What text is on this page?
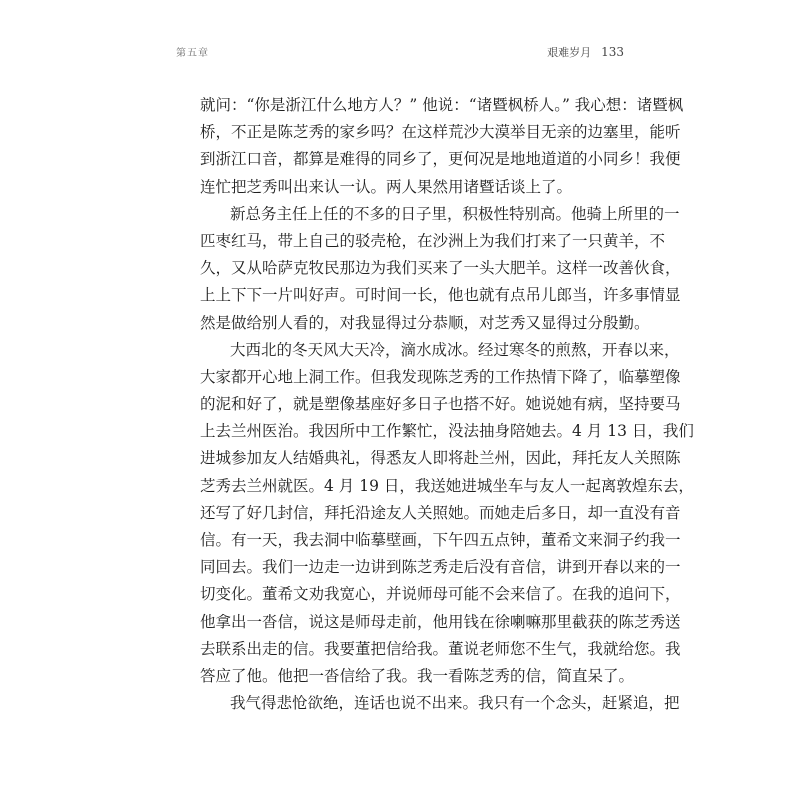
第五章	艰难岁月 133
就问：“你是浙江什么地方人？” 他说：“诸暨枫桥人。” 我心想：诸暨枫
桥，不正是陈芝秀的家乡吗？在这样荒沙大漠举目无亲的边塞里，能听
到浙江口音，都算是难得的同乡了，更何况是地地道道的小同乡！我便
连忙把芝秀叫出来认一认。两人果然用诸暨话谈上了。
新总务主任上任的不多的日子里，积极性特别高。他骑上所里的一
匹枣红马，带上自己的驳壳枪，在沙洲上为我们打来了一只黄羊，不
久，又从哈萨克牧民那边为我们买来了一头大肥羊。这样一改善伙食，
上上下下一片叫好声。可时间一长，他也就有点吊儿郎当，许多事情显
然是做给别人看的，对我显得过分恭顺，对芝秀又显得过分殷勤。
大西北的冬天风大天冷，滴水成冰。经过寒冬的煎熬，开春以来，
大家都开心地上洞工作。但我发现陈芝秀的工作热情下降了，临摹塑像
的泥和好了，就是塑像基座好多日子也搭不好。她说她有病，坚持要马
上去兰州医治。我因所中工作繁忙，没法抽身陪她去。4 月 13 日，我们
进城参加友人结婚典礼，得悉友人即将赴兰州，因此，拜托友人关照陈
芝秀去兰州就医。4 月 19 日，我送她进城坐车与友人一起离敦煌东去，
还写了好几封信，拜托沿途友人关照她。而她走后多日，却一直没有音
信。有一天，我去洞中临摹壁画，下午四五点钟，董希文来洞子约我一
同回去。我们一边走一边讲到陈芝秀走后没有音信，讲到开春以来的一
切变化。董希文劝我宽心，并说师母可能不会来信了。在我的追问下，
他拿出一沓信，说这是师母走前，他用钱在徐喇嘛那里截获的陈芝秀送
去联系出走的信。我要董把信给我。董说老师您不生气，我就给您。我
答应了他。他把一沓信给了我。我一看陈芝秀的信，简直呆了。
我气得悲怆欲绝，连话也说不出来。我只有一个念头，赶紧追，把
